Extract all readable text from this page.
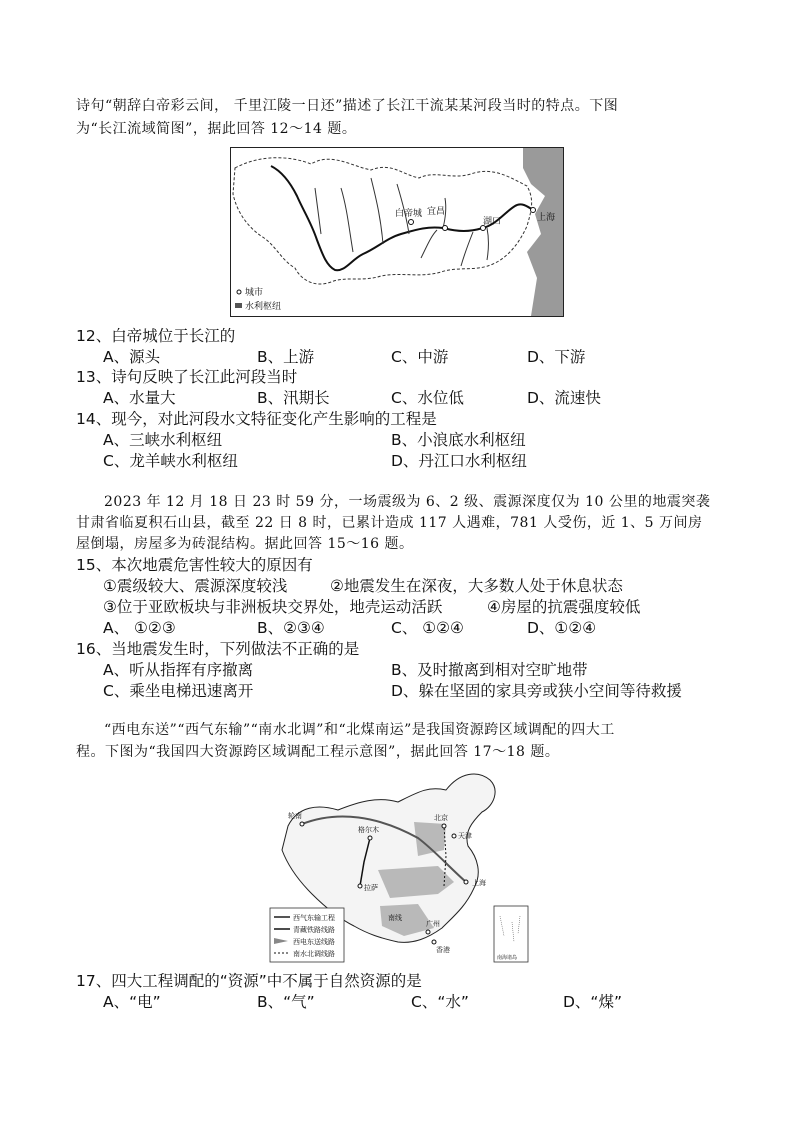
诗句“朝辞白帝彩云间， 千里江陵一日还”描述了长江干流某某河段当时的特点。下图
为“长江流域简图”，据此回答 12～14 题。
白帝城 宜昌
湖口	上海
城市
水利枢纽
12、白帝城位于长江的
A、源头	B、上游	C、中游	D、下游
13、诗句反映了长江此河段当时
A、水量大	B、汛期长	C、水位低	D、流速快
14、现今，对此河段水文特征变化产生影响的工程是
A、三峡水利枢纽	B、小浪底水利枢纽
C、龙羊峡水利枢纽	D、丹江口水利枢纽
2023 年 12 月 18 日 23 时 59 分，一场震级为 6、2 级、震源深度仅为 10 公里的地震突袭
甘肃省临夏积石山县，截至 22 日 8 时，已累计造成 117 人遇难，781 人受伤，近 1、5 万间房
屋倒塌，房屋多为砖混结构。据此回答 15～16 题。
15、本次地震危害性较大的原因有
①震级较大、震源深度较浅	②地震发生在深夜，大多数人处于休息状态
③位于亚欧板块与非洲板块交界处，地壳运动活跃	④房屋的抗震强度较低
A、 ①②③	B、②③④	C、 ①②④	D、①②④
16、当地震发生时，下列做法不正确的是
A、听从指挥有序撤离	B、及时撤离到相对空旷地带
C、乘坐电梯迅速离开	D、躲在坚固的家具旁或狭小空间等待救援
“西电东送”“西气东输”“南水北调”和“北煤南运”是我国资源跨区域调配的四大工
程。下图为“我国四大资源跨区域调配工程示意图”，据此回答 17～18 题。
轮南	北京
天津
格尔木
拉萨
上海
南线
广州
香港
西气东输工程
青藏铁路线路
西电东送线路
南水北调线路	南海诸岛
17、四大工程调配的“资源”中不属于自然资源的是
A、“电”	B、“气”	C、“水”	D、“煤”
